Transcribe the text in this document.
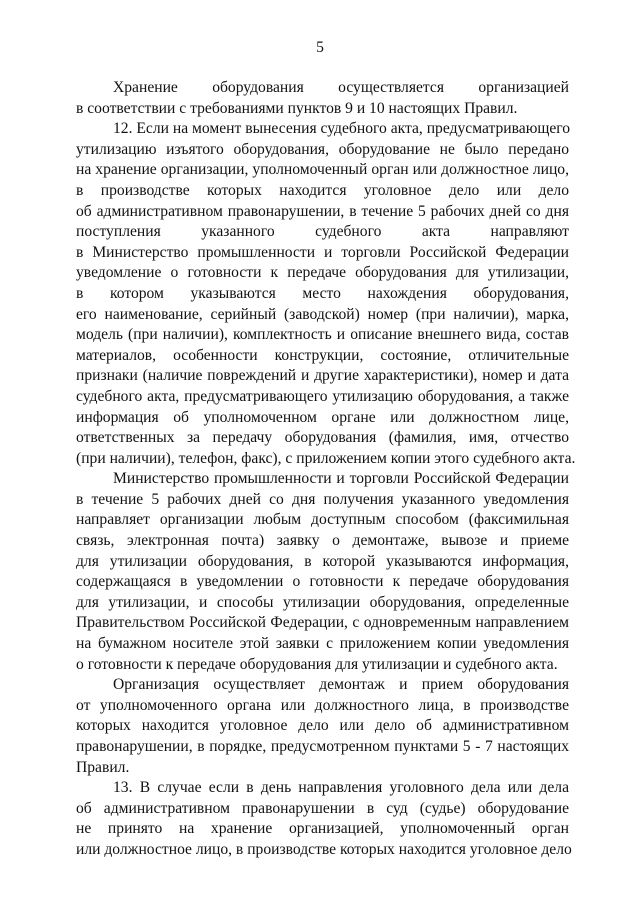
5
Хранение оборудования осуществляется организацией
в соответствии с требованиями пунктов 9 и 10 настоящих Правил.
12. Если на момент вынесения судебного акта, предусматривающего
утилизацию изъятого оборудования, оборудование не было передано
на хранение организации, уполномоченный орган или должностное лицо,
в производстве которых находится уголовное дело или дело
об административном правонарушении, в течение 5 рабочих дней со дня
поступления указанного судебного акта направляют
в Министерство промышленности и торговли Российской Федерации
уведомление о готовности к передаче оборудования для утилизации,
в котором указываются место нахождения оборудования,
его наименование, серийный (заводской) номер (при наличии), марка,
модель (при наличии), комплектность и описание внешнего вида, состав
материалов, особенности конструкции, состояние, отличительные
признаки (наличие повреждений и другие характеристики), номер и дата
судебного акта, предусматривающего утилизацию оборудования, а также
информация об уполномоченном органе или должностном лице,
ответственных за передачу оборудования (фамилия, имя, отчество
(при наличии), телефон, факс), с приложением копии этого судебного акта.
Министерство промышленности и торговли Российской Федерации
в течение 5 рабочих дней со дня получения указанного уведомления
направляет организации любым доступным способом (факсимильная
связь, электронная почта) заявку о демонтаже, вывозе и приеме
для утилизации оборудования, в которой указываются информация,
содержащаяся в уведомлении о готовности к передаче оборудования
для утилизации, и способы утилизации оборудования, определенные
Правительством Российской Федерации, с одновременным направлением
на бумажном носителе этой заявки с приложением копии уведомления
о готовности к передаче оборудования для утилизации и судебного акта.
Организация осуществляет демонтаж и прием оборудования
от уполномоченного органа или должностного лица, в производстве
которых находится уголовное дело или дело об административном
правонарушении, в порядке, предусмотренном пунктами 5 - 7 настоящих
Правил.
13. В случае если в день направления уголовного дела или дела
об административном правонарушении в суд (судье) оборудование
не принято на хранение организацией, уполномоченный орган
или должностное лицо, в производстве которых находится уголовное дело
